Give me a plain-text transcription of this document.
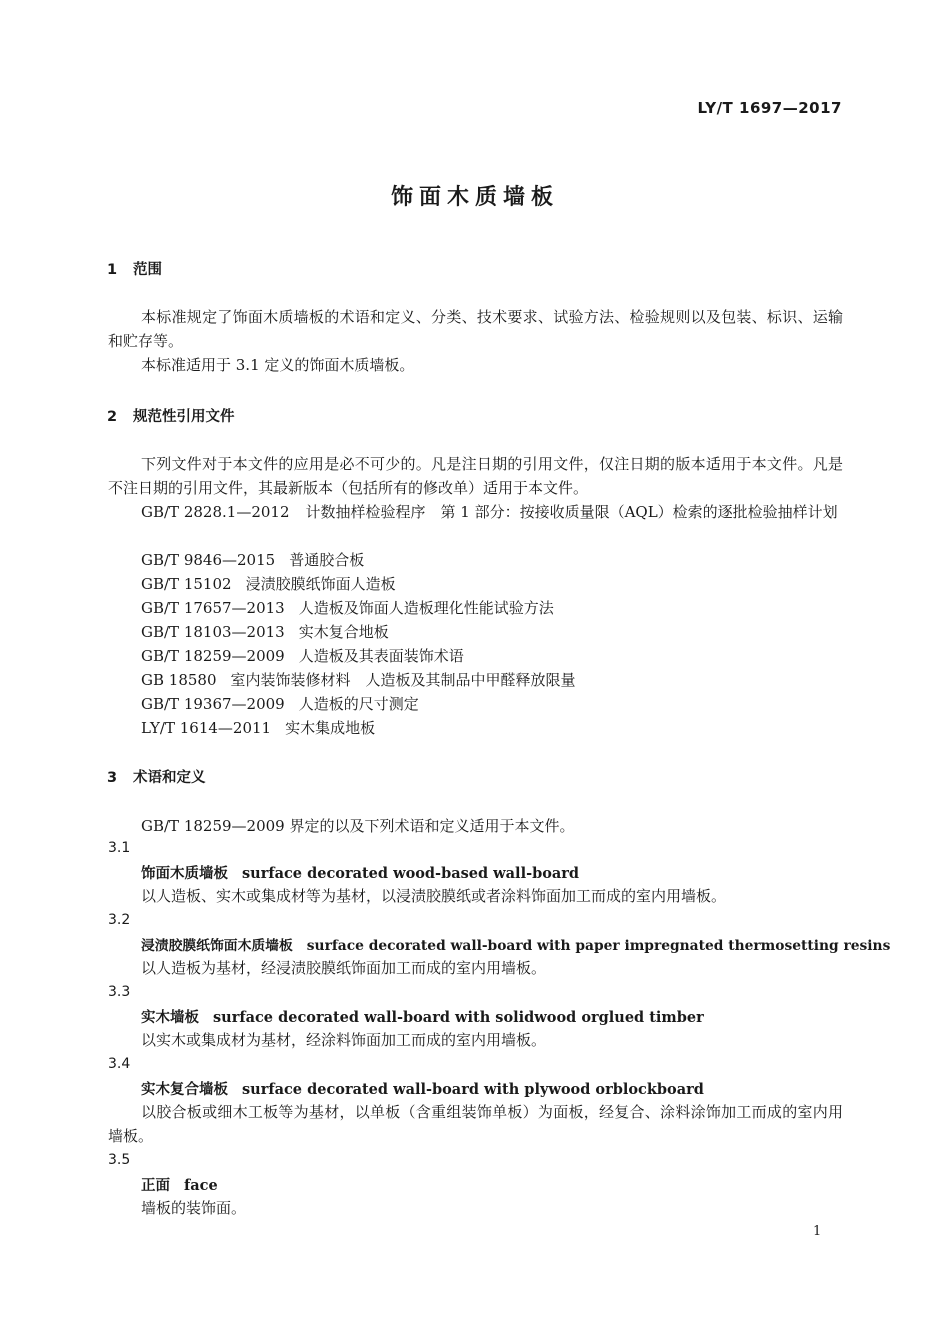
LY/T 1697—2017
饰面木质墙板
1 范围
本标准规定了饰面木质墙板的术语和定义、分类、技术要求、试验方法、检验规则以及包装、标识、运输和贮存等。
本标准适用于 3.1 定义的饰面木质墙板。
2 规范性引用文件
下列文件对于本文件的应用是必不可少的。凡是注日期的引用文件，仅注日期的版本适用于本文件。凡是不注日期的引用文件，其最新版本（包括所有的修改单）适用于本文件。
GB/T 2828.1—2012 计数抽样检验程序　第 1 部分：按接收质量限（AQL）检索的逐批检验抽样计划
GB/T 9846—2015 普通胶合板
GB/T 15102 浸渍胶膜纸饰面人造板
GB/T 17657—2013 人造板及饰面人造板理化性能试验方法
GB/T 18103—2013 实木复合地板
GB/T 18259—2009 人造板及其表面装饰术语
GB 18580 室内装饰装修材料　人造板及其制品中甲醛释放限量
GB/T 19367—2009 人造板的尺寸测定
LY/T 1614—2011 实木集成地板
3 术语和定义
GB/T 18259—2009 界定的以及下列术语和定义适用于本文件。
3.1
饰面木质墙板 surface decorated wood-based wall-board
以人造板、实木或集成材等为基材，以浸渍胶膜纸或者涂料饰面加工而成的室内用墙板。
3.2
浸渍胶膜纸饰面木质墙板 surface decorated wall-board with paper impregnated thermosetting resins
以人造板为基材，经浸渍胶膜纸饰面加工而成的室内用墙板。
3.3
实木墙板 surface decorated wall-board with solidwood orglued timber
以实木或集成材为基材，经涂料饰面加工而成的室内用墙板。
3.4
实木复合墙板 surface decorated wall-board with plywood orblockboard
以胶合板或细木工板等为基材，以单板（含重组装饰单板）为面板，经复合、涂料涂饰加工而成的室内用墙板。
3.5
正面 face
墙板的装饰面。
1
